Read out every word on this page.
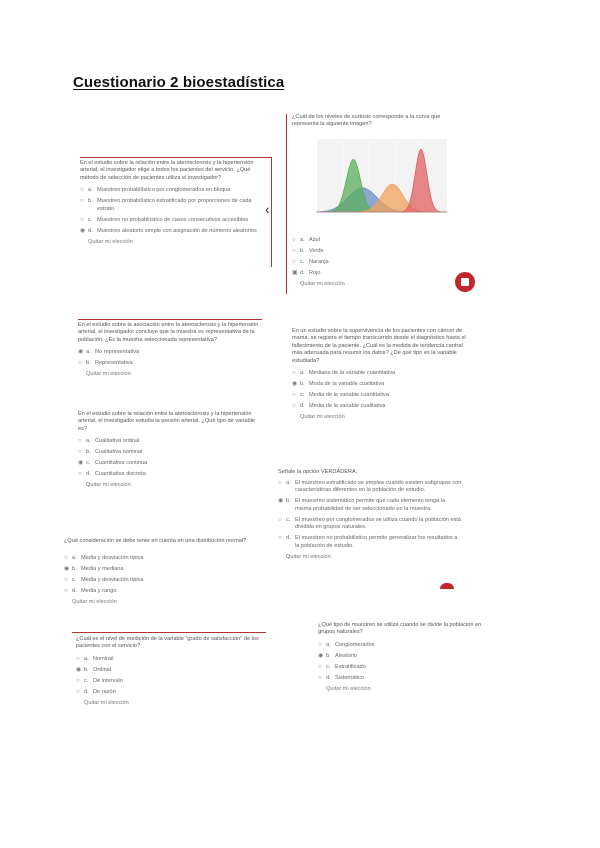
Cuestionario 2 bioestadística
En el estudio sobre la relación entre la aterosclerosis y la hipertensión arterial, el investigador elige a todos los pacientes del servicio. ¿Qué método de selección de pacientes utiliza el investigador?
○ a. Muestreo probabilístico por conglomerados en bloque
○ b. Muestreo probabilístico estratificado por proporciones de cada estrato
○ c. Muestreo no probabilístico de casos consecutivos accesibles
◉ d. Muestreo aleatorio simple con asignación de números aleatorios
Quitar mi elección
‹
¿Cuál de los niveles de curtosis corresponde a la curva que representa la siguiente imagen?
○ a. Azul
○ b. Verde
○ c. Naranja
▣ d. Rojo
Quitar mi elección
En el estudio sobre la asociación entre la aterosclerosis y la hipertensión arterial, el investigador concluye que la muestra es representativa de la población. ¿Es la muestra seleccionada representativa?
◉ a. No representativa
○ b. Representativa
Quitar mi elección
En un estudio sobre la supervivencia de los pacientes con cáncer de mama, se registra el tiempo transcurrido desde el diagnóstico hasta el fallecimiento de la paciente. ¿Cuál es la medida de tendencia central más adecuada para resumir los datos? ¿De qué tipo es la variable estudiada?
○ a. Mediana de la variable cuantitativa
◉ b. Moda de la variable cualitativa
○ c. Media de la variable cuantitativa
○ d. Media de la variable cualitativa
Quitar mi elección
En el estudio sobre la relación entre la aterosclerosis y la hipertensión arterial, el investigador estudia la presión arterial. ¿Qué tipo de variable es?
○ a. Cualitativa ordinal
○ b. Cualitativa nominal
◉ c. Cuantitativa continua
○ d. Cuantitativa discreta
Quitar mi elección
Señale la opción VERDADERA:
○ a. El muestreo estratificado se emplea cuando existen subgrupos con características diferentes en la población de estudio.
◉ b. El muestreo sistemático permite que cada elemento tenga la misma probabilidad de ser seleccionado en la muestra.
○ c. El muestreo por conglomerados se utiliza cuando la población está dividida en grupos naturales.
○ d. El muestreo no probabilístico permite generalizar los resultados a la población de estudio.
Quitar mi elección
¿Qué consideración se debe tener en cuenta en una distribución normal?
○ a. Media y desviación típica
◉ b. Media y mediana
○ c. Media y desviación típica
○ d. Media y rango
Quitar mi elección
¿Qué tipo de muestreo se utiliza cuando se divide la población en grupos naturales?
○ a. Conglomerados
◉ b. Aleatorio
○ c. Estratificado
○ d. Sistemático
Quitar mi elección
¿Cuál es el nivel de medición de la variable "grado de satisfacción" de los pacientes con el servicio?
○ a. Nominal
◉ b. Ordinal
○ c. De intervalo
○ d. De razón
Quitar mi elección
